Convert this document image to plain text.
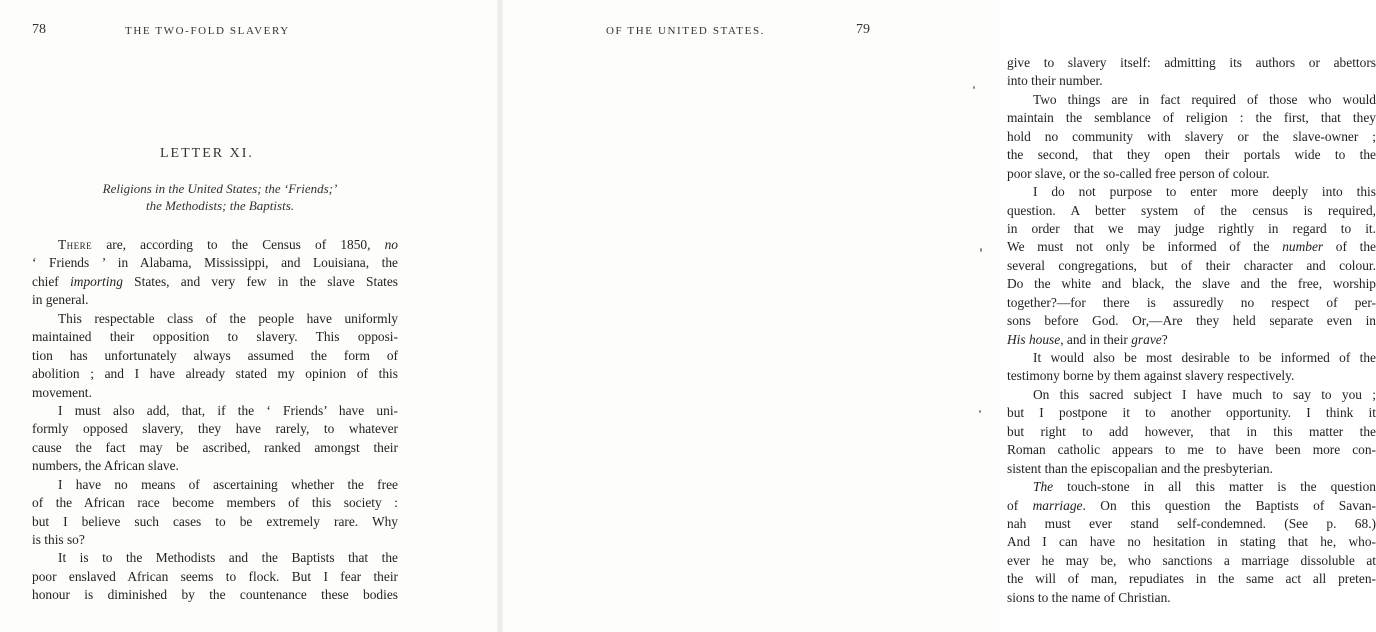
78	THE TWO-FOLD SLAVERY
LETTER XI.
Religions in the United States; the ‘Friends;’
the Methodists; the Baptists.
There are, according to the Census of 1850, no
‘ Friends ’ in Alabama, Mississippi, and Louisiana, the
chief importing States, and very few in the slave States
in general.
This respectable class of the people have uniformly
maintained their opposition to slavery. This opposi-
tion has unfortunately always assumed the form of
abolition ; and I have already stated my opinion of this
movement.
I must also add, that, if the ‘ Friends’ have uni-
formly opposed slavery, they have rarely, to whatever
cause the fact may be ascribed, ranked amongst their
numbers, the African slave.
I have no means of ascertaining whether the free
of the African race become members of this society :
but I believe such cases to be extremely rare. Why
is this so?
It is to the Methodists and the Baptists that the
poor enslaved African seems to flock. But I fear their
honour is diminished by the countenance these bodies
OF THE UNITED STATES.	79
give to slavery itself: admitting its authors or abettors
into their number.
Two things are in fact required of those who would
maintain the semblance of religion : the first, that they
hold no community with slavery or the slave-owner ;
the second, that they open their portals wide to the
poor slave, or the so-called free person of colour.
I do not purpose to enter more deeply into this
question. A better system of the census is required,
in order that we may judge rightly in regard to it.
We must not only be informed of the number of the
several congregations, but of their character and colour.
Do the white and black, the slave and the free, worship
together?—for there is assuredly no respect of per-
sons before God. Or,—Are they held separate even in
His house, and in their grave?
It would also be most desirable to be informed of the
testimony borne by them against slavery respectively.
On this sacred subject I have much to say to you ;
but I postpone it to another opportunity. I think it
but right to add however, that in this matter the
Roman catholic appears to me to have been more con-
sistent than the episcopalian and the presbyterian.
The touch-stone in all this matter is the question
of marriage. On this question the Baptists of Savan-
nah must ever stand self-condemned. (See p. 68.)
And I can have no hesitation in stating that he, who-
ever he may be, who sanctions a marriage dissoluble at
the will of man, repudiates in the same act all preten-
sions to the name of Christian.
